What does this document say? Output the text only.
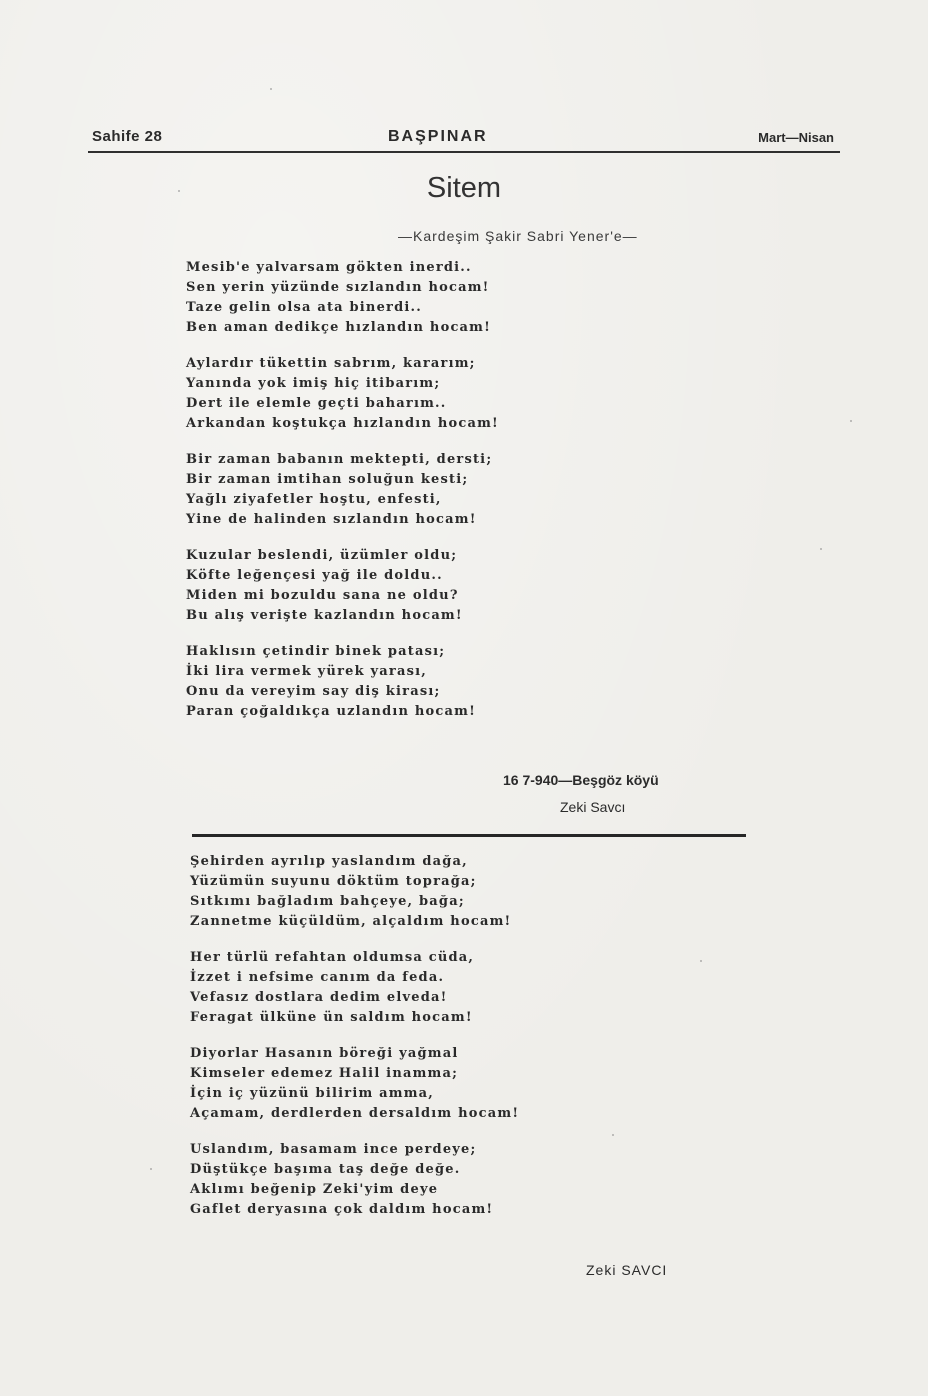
Sahife 28	BAŞPINAR	Mart—Nisan
Sitem
—Kardeşim Şakir Sabri Yener'e—
Mesib'e yalvarsam gökten inerdi..
Sen yerin yüzünde sızlandın hocam!
Taze gelin olsa ata binerdi..
Ben aman dedikçe hızlandın hocam!
Aylardır tükettin sabrım, kararım;
Yanında yok imiş hiç itibarım;
Dert ile elemle geçti baharım..
Arkandan koştukça hızlandın hocam!
Bir zaman babanın mektepti, dersti;
Bir zaman imtihan soluğun kesti;
Yağlı ziyafetler hoştu, enfesti,
Yine de halinden sızlandın hocam!
Kuzular beslendi, üzümler oldu;
Köfte leğençesi yağ ile doldu..
Miden mi bozuldu sana ne oldu?
Bu alış verişte kazlandın hocam!
Haklısın çetindir binek patası;
İki lira vermek yürek yarası,
Onu da vereyim say diş kirası;
Paran çoğaldıkça uzlandın hocam!
16 7-940—Beşgöz köyü
Zeki Savcı
Şehirden ayrılıp yaslandım dağa,
Yüzümün suyunu döktüm toprağa;
Sıtkımı bağladım bahçeye, bağa;
Zannetme küçüldüm, alçaldım hocam!
Her türlü refahtan oldumsa cüda,
İzzet i nefsime canım da feda.
Vefasız dostlara dedim elveda!
Feragat ülküne ün saldım hocam!
Diyorlar Hasanın böreği yağmal
Kimseler edemez Halil inamma;
İçin iç yüzünü bilirim amma,
Açamam, derdlerden dersaldım hocam!
Uslandım, basamam ince perdeye;
Düştükçe başıma taş değe değe.
Aklımı beğenip Zeki'yim deye
Gaflet deryasına çok daldım hocam!
Zeki SAVCI
